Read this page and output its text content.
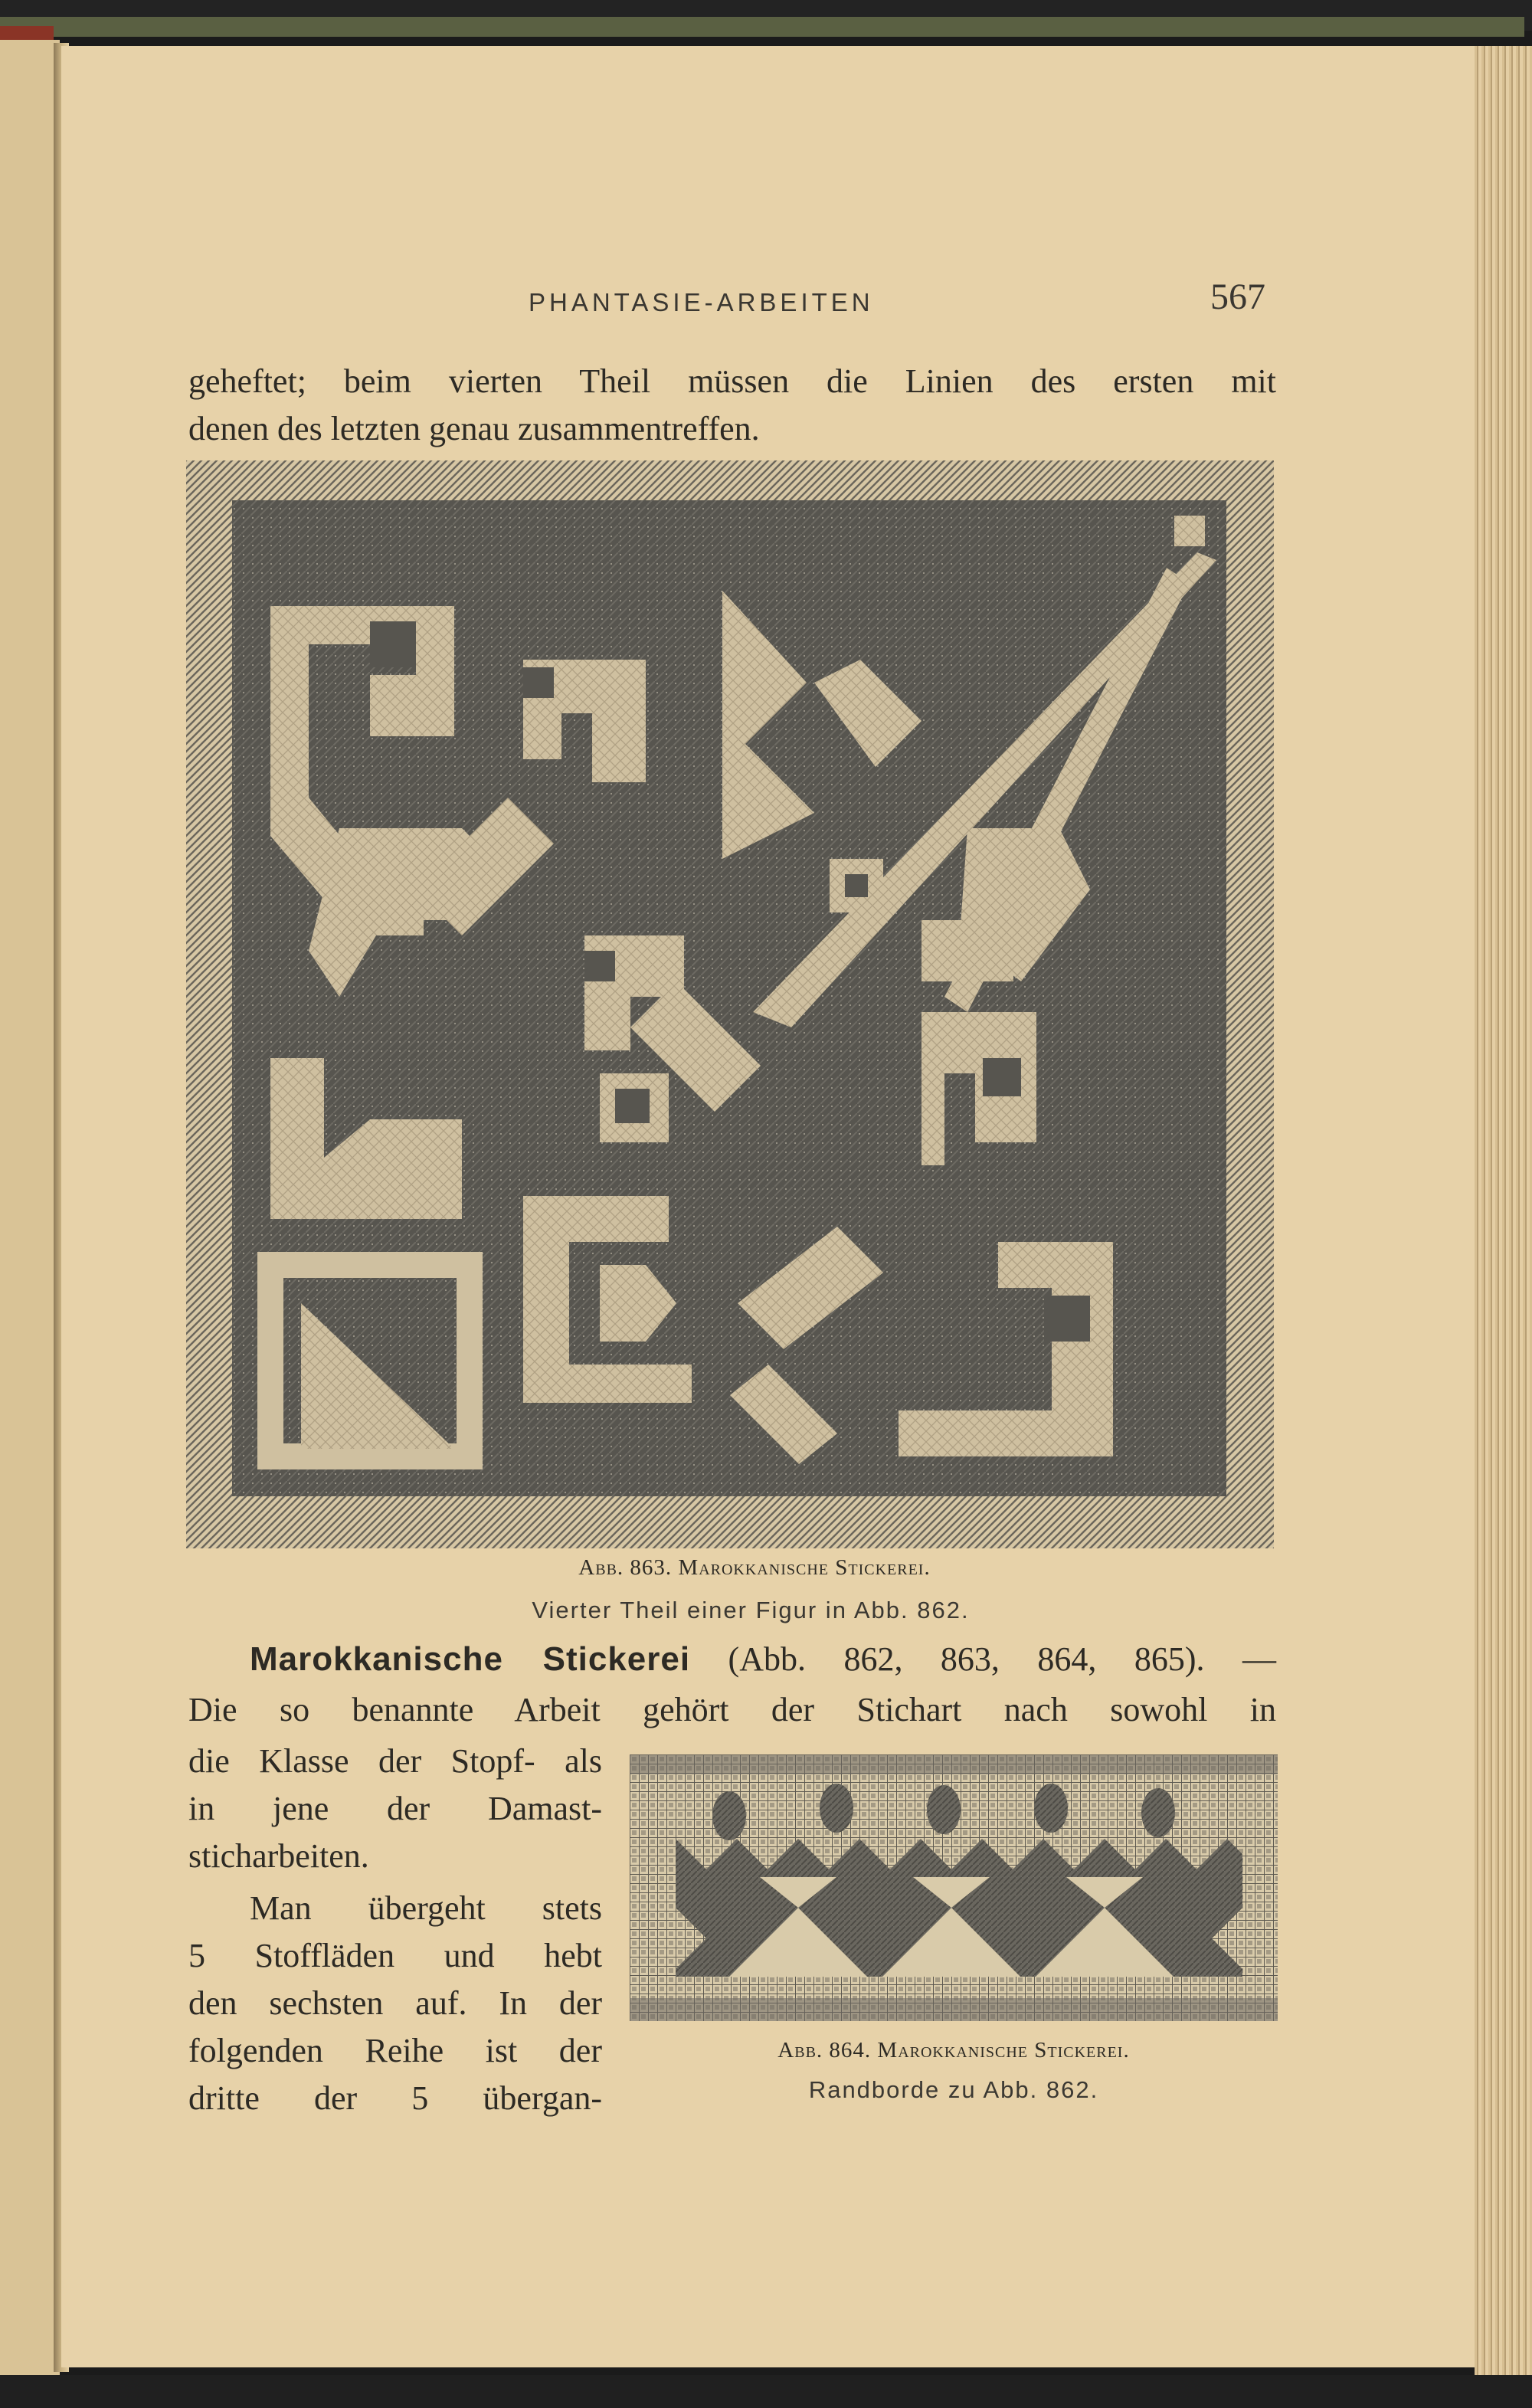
PHANTASIE-ARBEITEN	567
geheftet; beim vierten Theil müssen die Linien des ersten mit
denen des letzten genau zusammentreffen.
Abb. 863. Marokkanische Stickerei.
Vierter Theil einer Figur in Abb. 862.
Marokkanische Stickerei (Abb. 862, 863, 864, 865). —
Die so benannte Arbeit gehört der Stichart nach sowohl in
die Klasse der Stopf- als
in jene der Damast-
sticharbeiten.
Man übergeht stets
5 Stoffläden und hebt
den sechsten auf. In der
folgenden Reihe ist der
dritte der 5 übergan-
Abb. 864. Marokkanische Stickerei.
Randborde zu Abb. 862.
